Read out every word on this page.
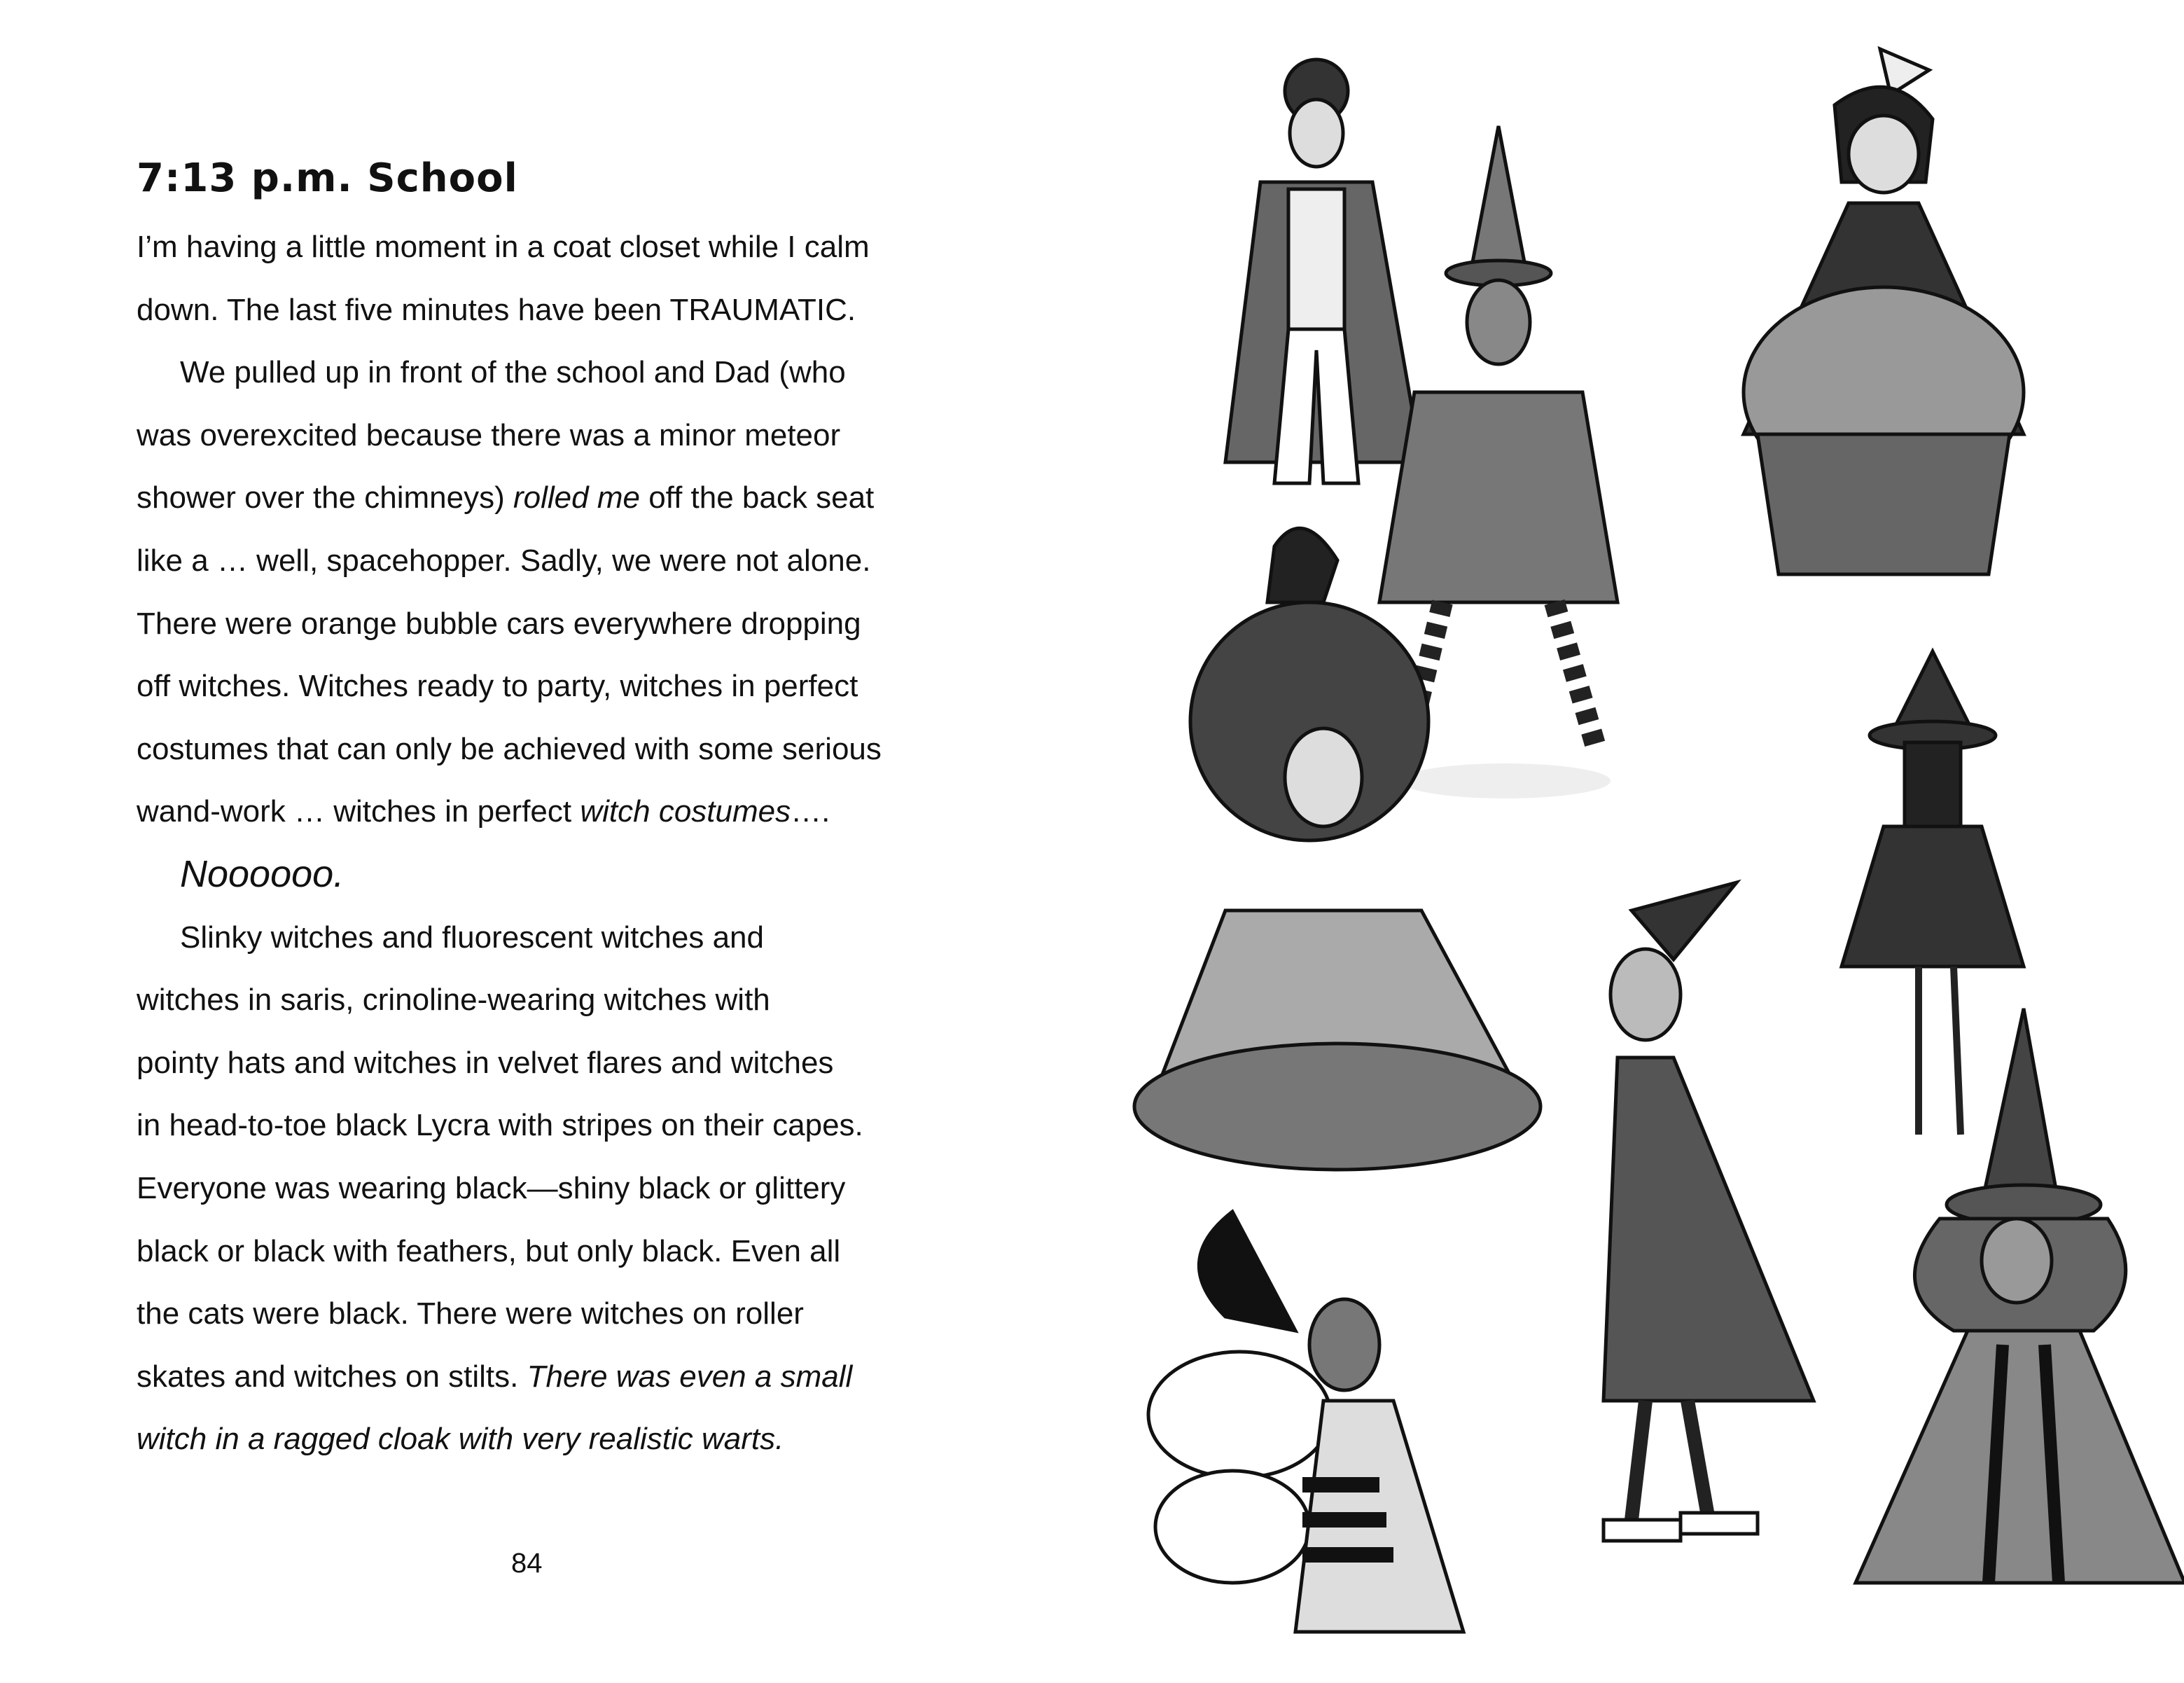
7:13 p.m. School
I’m having a little moment in a coat closet while I calm
down. The last five minutes have been TRAUMATIC.
We pulled up in front of the school and Dad (who
was overexcited because there was a minor meteor
shower over the chimneys) rolled me off the back seat
like a … well, spacehopper. Sadly, we were not alone.
There were orange bubble cars everywhere dropping
off witches. Witches ready to party, witches in perfect
costumes that can only be achieved with some serious
wand-work … witches in perfect witch costumes….
Noooooo.
Slinky witches and fluorescent witches and
witches in saris, crinoline-wearing witches with
pointy hats and witches in velvet flares and witches
in head-to-toe black Lycra with stripes on their capes.
Everyone was wearing black—shiny black or glittery
black or black with feathers, but only black. Even all
the cats were black. There were witches on roller
skates and witches on stilts. There was even a small
witch in a ragged cloak with very realistic warts.
84
